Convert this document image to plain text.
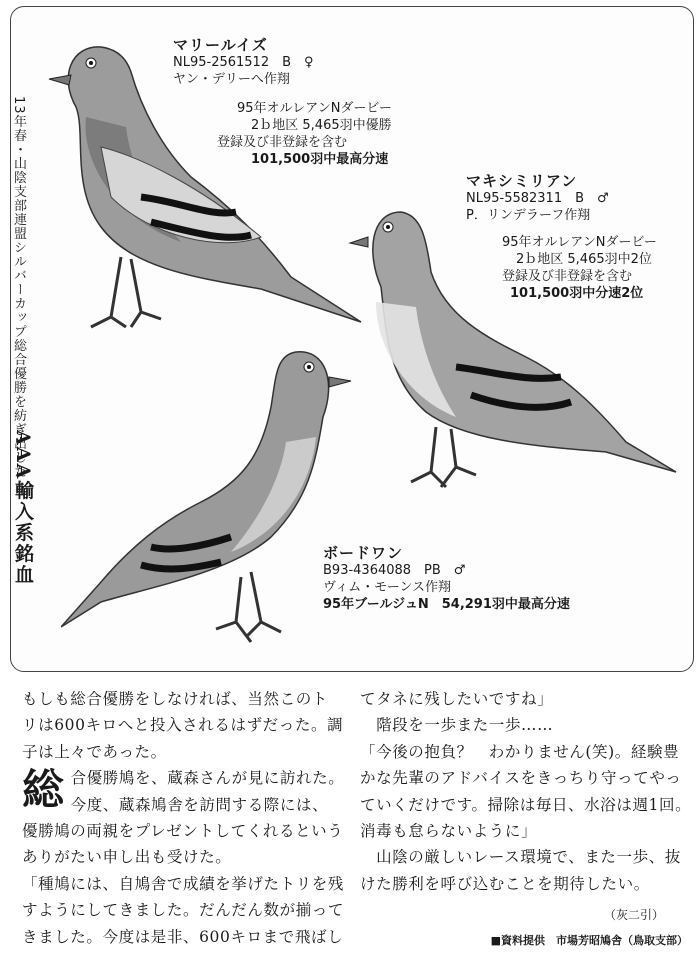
マリールイズ
NL95-2561512　B　♀
ヤン・デリーへ作翔
95年オルレアンNダービー
2ｂ地区 5,465羽中優勝
登録及び非登録を含む
101,500羽中最高分速
マキシミリアン
NL95-5582311　B　♂
P．リンデラーフ作翔
95年オルレアンNダービー
2ｂ地区 5,465羽中2位
登録及び非登録を含む
101,500羽中分速2位
ボードワン
B93-4364088　PB　♂
ヴィム・モーンス作翔
95年ブールジュN　54,291羽中最高分速
13年春・山陰支部連盟シルバーカップ総合優勝を紡ぎ出した
AAA輸入系銘血

もしも総合優勝をしなければ、当然このト

リは600キロへと投入されるはずだった。調

子は上々であった。

総 合優勝鳩を、蔵森さんが見に訪れた。

今度、蔵森鳩舎を訪問する際には、

優勝鳩の両親をプレゼントしてくれるという

ありがたい申し出も受けた。

「種鳩には、自鳩舎で成績を挙げたトリを残

すようにしてきました。だんだん数が揃って

きました。今度は是非、600キロまで飛ばし

てタネに残したいですね」

　階段を一歩また一歩……

「今後の抱負？　わかりません(笑)。経験豊

かな先輩のアドバイスをきっちり守ってやっ

ていくだけです。掃除は毎日、水浴は週1回。

消毒も怠らないように」

　山陰の厳しいレース環境で、また一歩、抜

けた勝利を呼び込むことを期待したい。

（灰二引）
■資料提供　市場芳昭鳩舎（鳥取支部）
